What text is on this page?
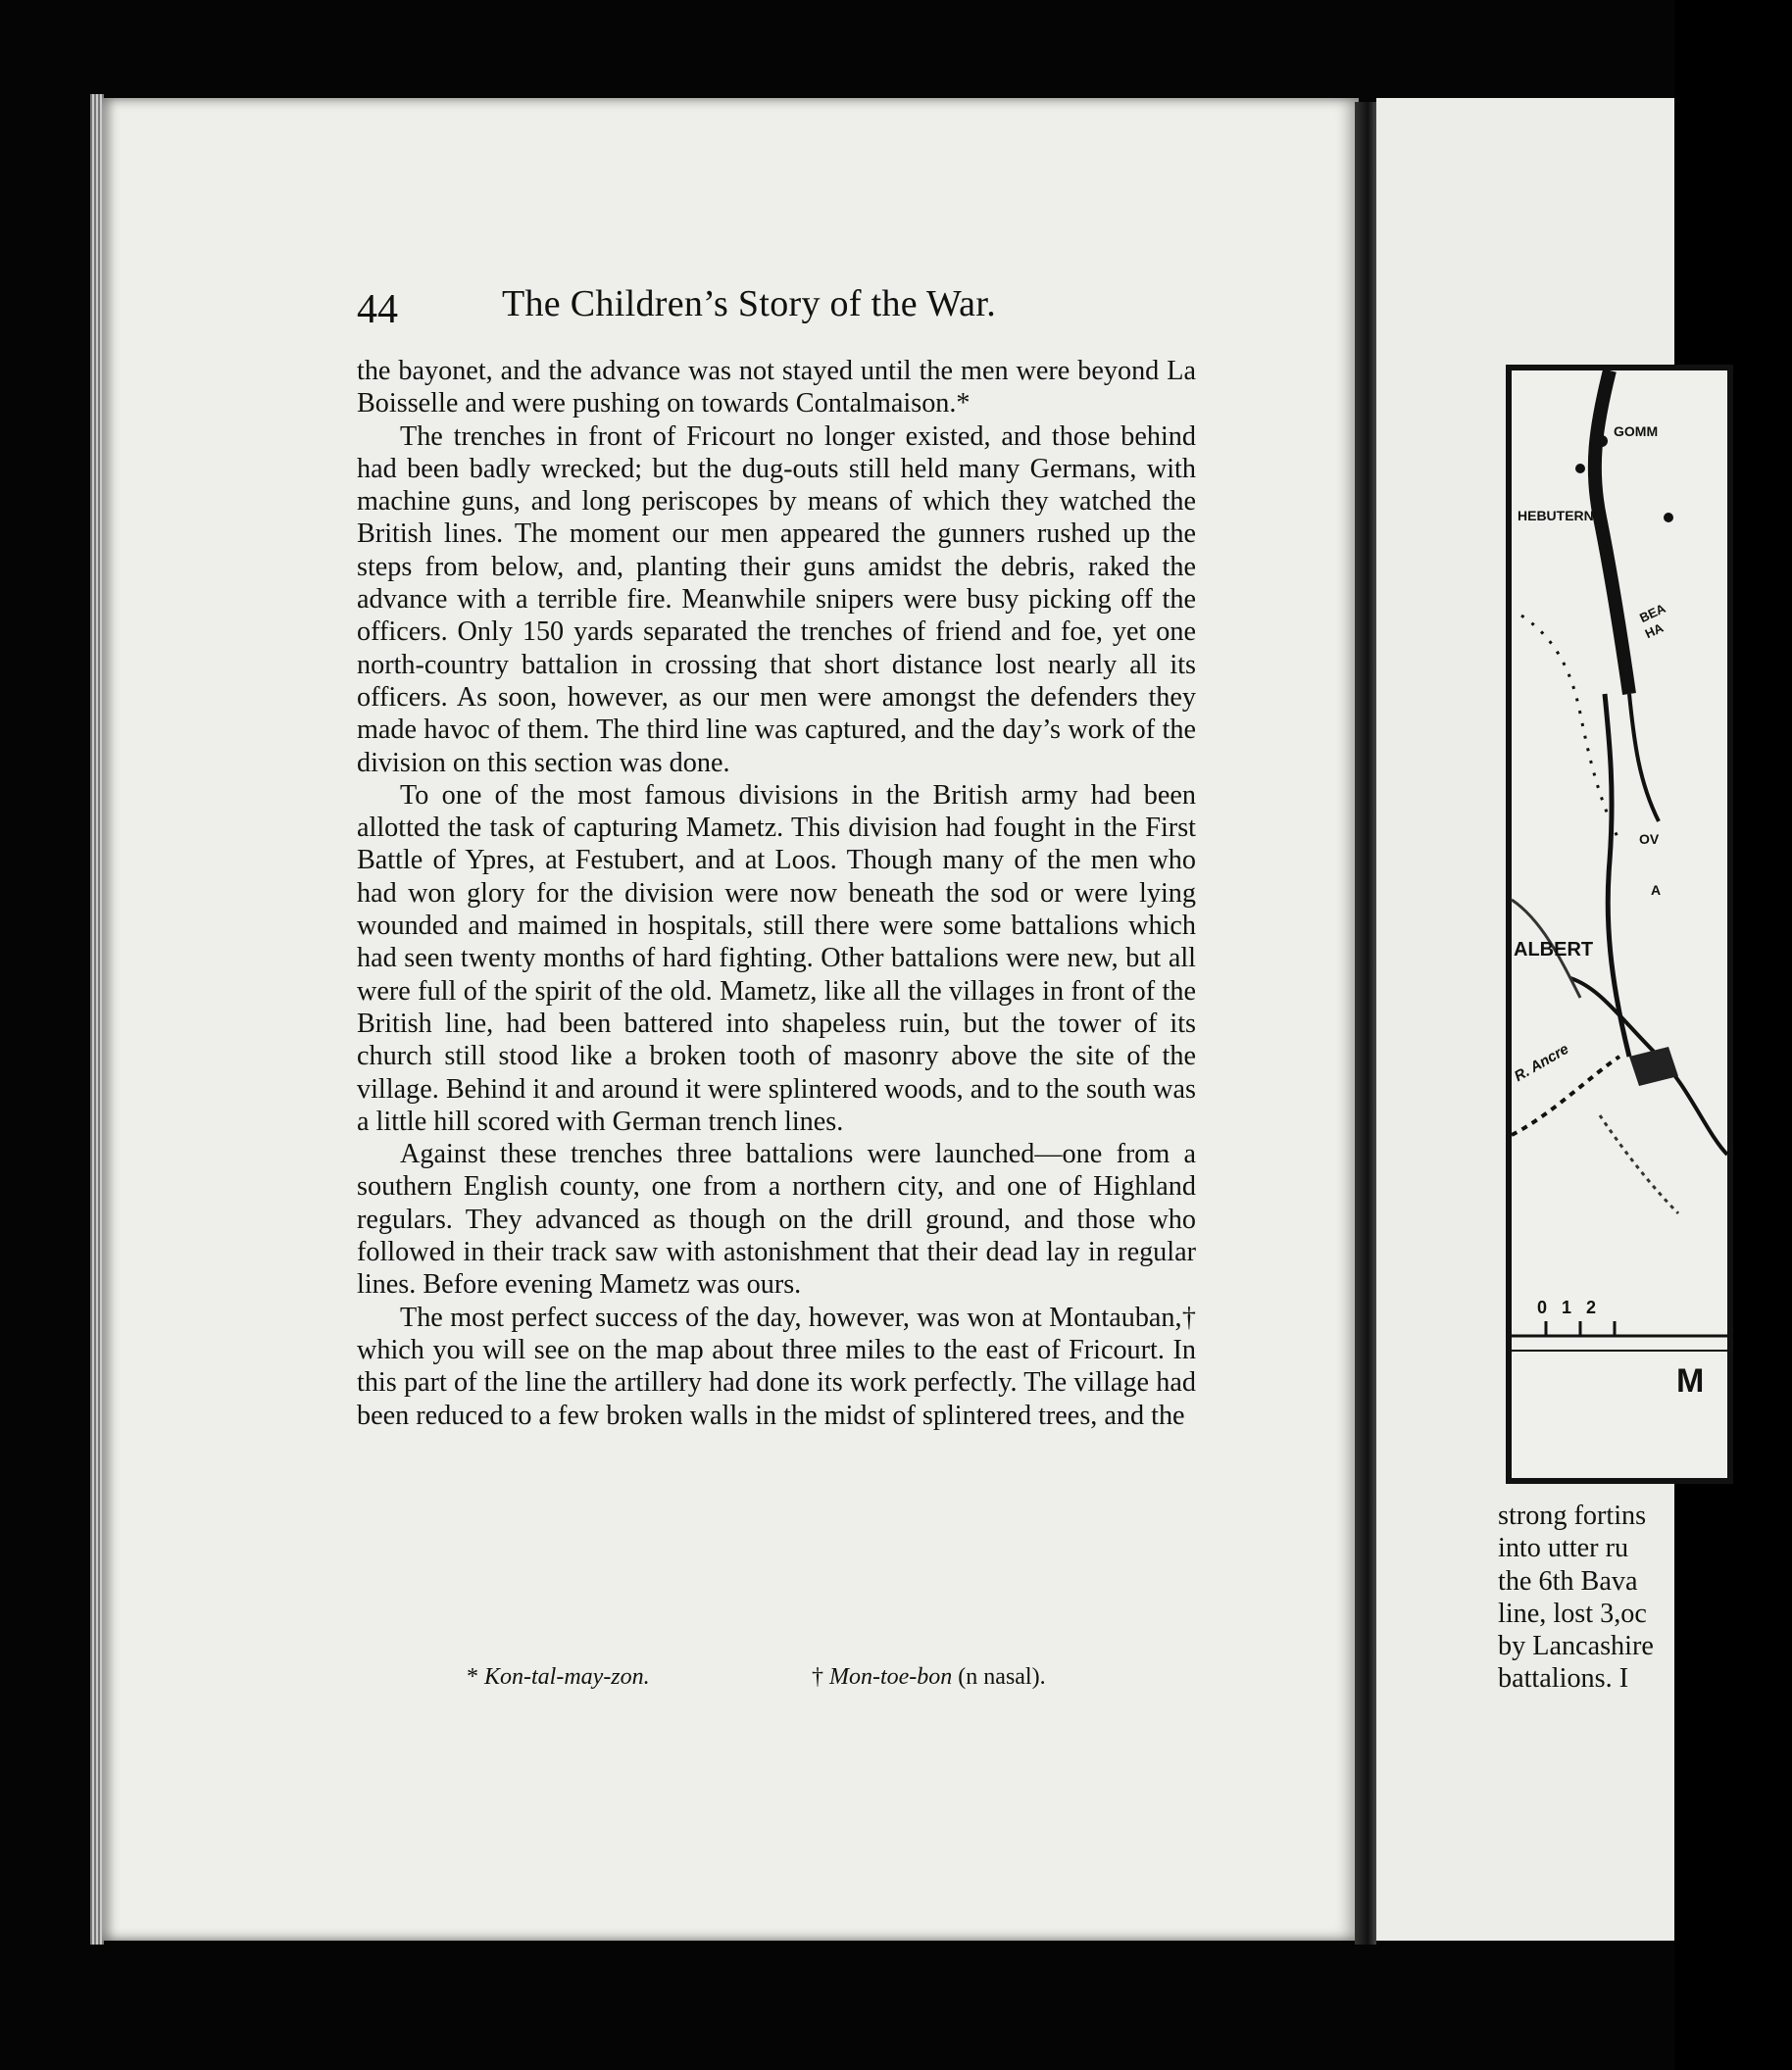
44	The Children’s Story of the War.

the bayonet, and the advance was not stayed until the men were beyond La Boisselle and were pushing on towards Contalmaison.*

The trenches in front of Fricourt no longer existed, and those behind had been badly wrecked; but the dug-outs still held many Germans, with machine guns, and long periscopes by means of which they watched the British lines. The moment our men appeared the gunners rushed up the steps from below, and, planting their guns amidst the debris, raked the advance with a terrible fire. Meanwhile snipers were busy picking off the officers. Only 150 yards separated the trenches of friend and foe, yet one north-country battalion in crossing that short distance lost nearly all its officers. As soon, however, as our men were amongst the defenders they made havoc of them. The third line was captured, and the day’s work of the division on this section was done.

To one of the most famous divisions in the British army had been allotted the task of capturing Mametz. This division had fought in the First Battle of Ypres, at Festubert, and at Loos. Though many of the men who had won glory for the division were now beneath the sod or were lying wounded and maimed in hospitals, still there were some battalions which had seen twenty months of hard fighting. Other battalions were new, but all were full of the spirit of the old. Mametz, like all the villages in front of the British line, had been battered into shapeless ruin, but the tower of its church still stood like a broken tooth of masonry above the site of the village. Behind it and around it were splintered woods, and to the south was a little hill scored with German trench lines.

Against these trenches three battalions were launched—one from a southern English county, one from a northern city, and one of Highland regulars. They advanced as though on the drill ground, and those who followed in their track saw with astonishment that their dead lay in regular lines. Before evening Mametz was ours.

The most perfect success of the day, however, was won at Montauban,† which you will see on the map about three miles to the east of Fricourt. In this part of the line the artillery had done its work perfectly. The village had been reduced to a few broken walls in the midst of splintered trees, and the

* Kon-tal-may-zon.	† Mon-toe-bon (n nasal).
GOMM
HEBUTERNE
BEA
HA
OV
A
ALBERT
R. Ancre
0   1   2
M
strong fortins
into utter ru
the 6th Bava
line, lost 3,oc
by Lancashire
battalions. I
